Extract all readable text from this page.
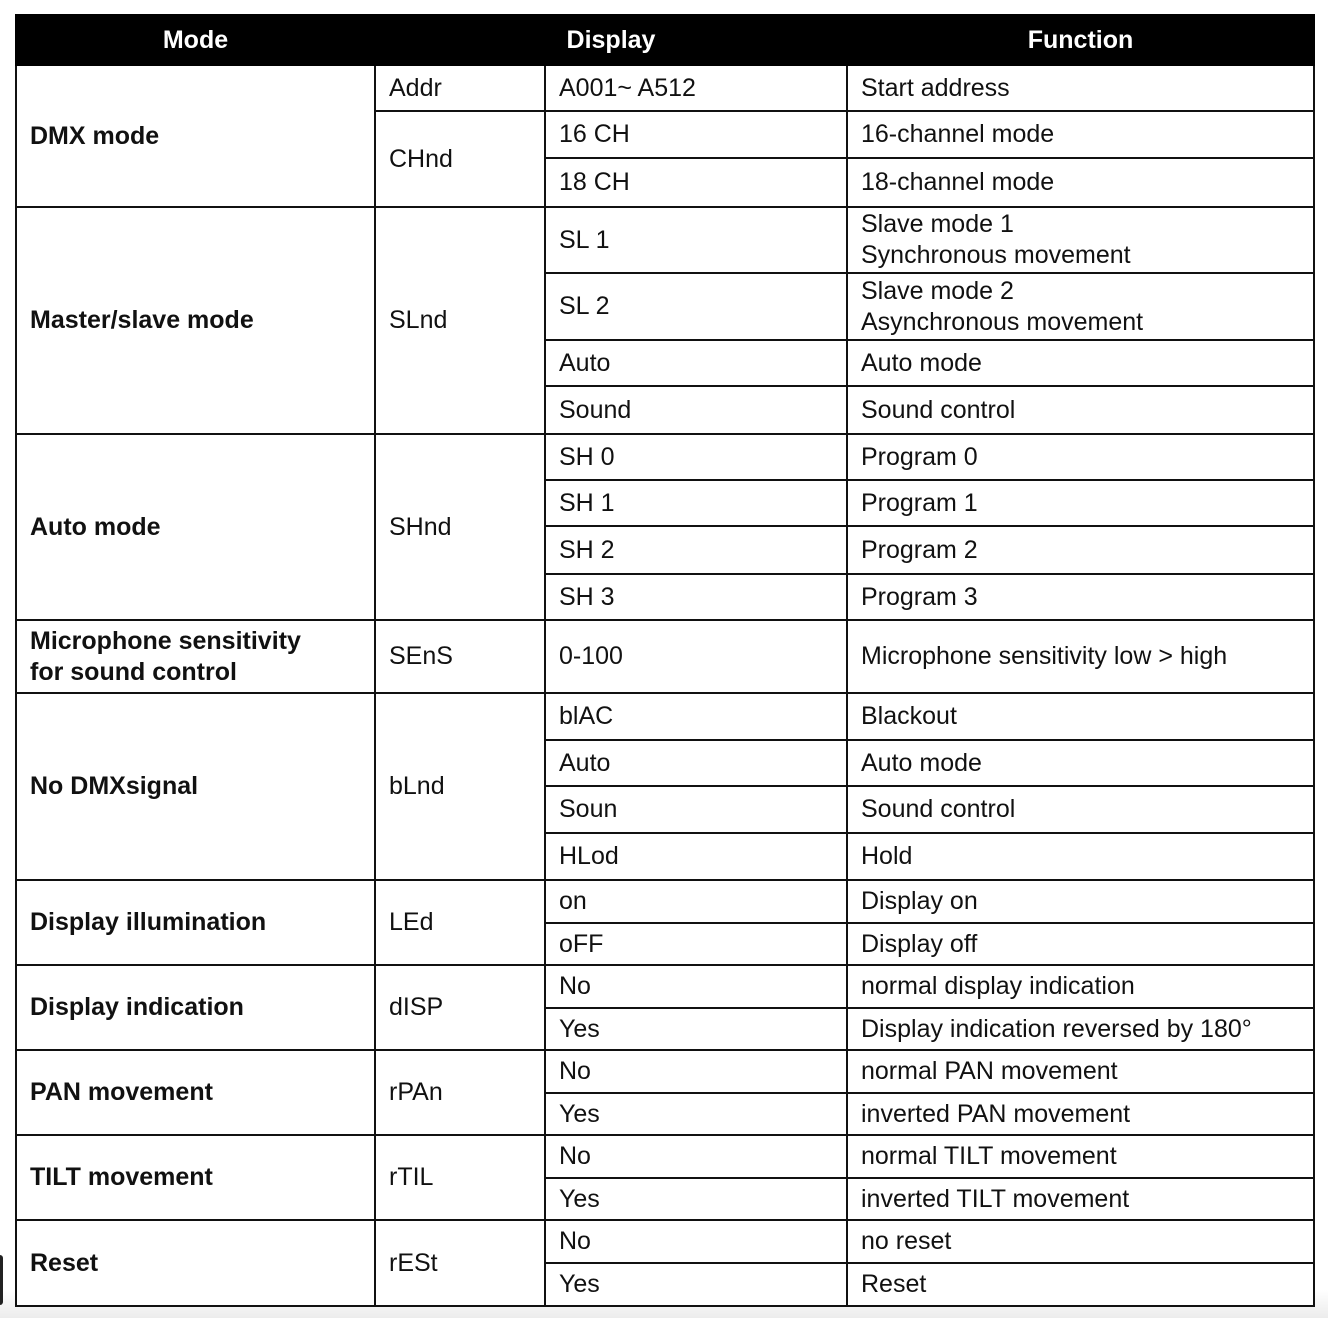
Mode	Display		Function
DMX mode	Addr	A001~ A512	Start address
	CHnd	16 CH	16-channel mode
		18 CH	18-channel mode
Master/slave mode	SLnd	SL 1	Slave mode 1
Synchronous movement
		SL 2	Slave mode 2
Asynchronous movement
		Auto	Auto mode
		Sound	Sound control
Auto mode	SHnd	SH 0	Program 0
		SH 1	Program 1
		SH 2	Program 2
		SH 3	Program 3
Microphone sensitivity
for sound control	SEnS	0-100	Microphone sensitivity low > high
No DMXsignal	bLnd	blAC	Blackout
		Auto	Auto mode
		Soun	Sound control
		HLod	Hold
Display illumination	LEd	on	Display on
		oFF	Display off
Display indication	dISP	No	normal display indication
		Yes	Display indication reversed by 180°
PAN movement	rPAn	No	normal PAN movement
		Yes	inverted PAN movement
TILT movement	rTIL	No	normal TILT movement
		Yes	inverted TILT movement
Reset	rESt	No	no reset
		Yes	Reset
